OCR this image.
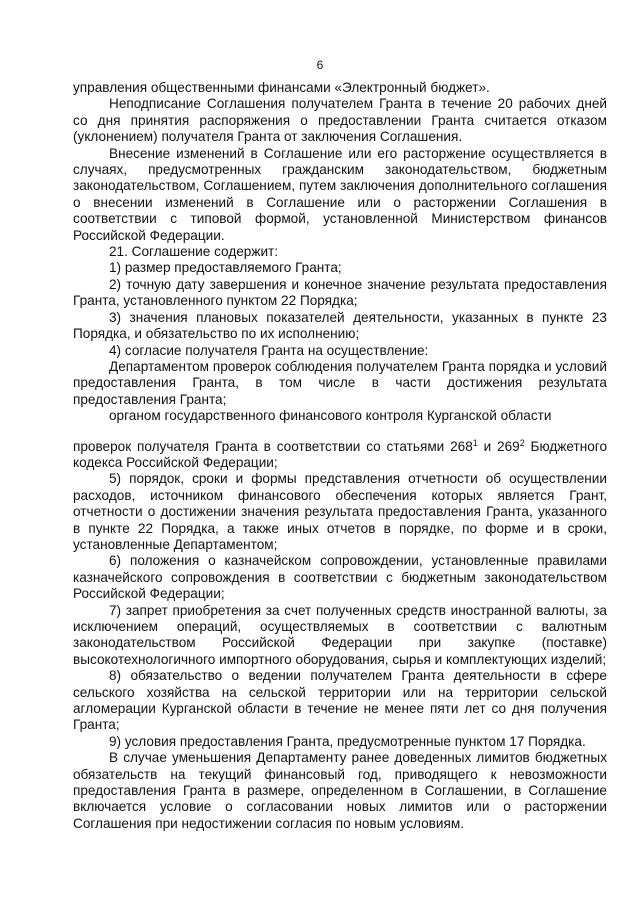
6

управления общественными финансами «Электронный бюджет».

Неподписание Соглашения получателем Гранта в течение 20 рабочих дней со дня принятия распоряжения о предоставлении Гранта считается отказом (уклонением) получателя Гранта от заключения Соглашения.

Внесение изменений в Соглашение или его расторжение осуществляется в случаях, предусмотренных гражданским законодательством, бюджетным законодательством, Соглашением, путем заключения дополнительного соглашения о внесении изменений в Соглашение или о расторжении Соглашения в соответствии с типовой формой, установленной Министерством финансов Российской Федерации.

21. Соглашение содержит:

1) размер предоставляемого Гранта;

2) точную дату завершения и конечное значение результата предоставления Гранта, установленного пунктом 22 Порядка;

3) значения плановых показателей деятельности, указанных в пункте 23 Порядка, и обязательство по их исполнению;

4) согласие получателя Гранта на осуществление:

Департаментом проверок соблюдения получателем Гранта порядка и условий предоставления Гранта, в том числе в части достижения результата предоставления Гранта;

органом государственного финансового контроля Курганской области

проверок получателя Гранта в соответствии со статьями $268^1$ и $269^2$ Бюджетного кодекса Российской Федерации;

5) порядок, сроки и формы представления отчетности об осуществлении расходов, источником финансового обеспечения которых является Грант, отчетности о достижении значения результата предоставления Гранта, указанного в пункте 22 Порядка, а также иных отчетов в порядке, по форме и в сроки, установленные Департаментом;

6) положения о казначейском сопровождении, установленные правилами казначейского сопровождения в соответствии с бюджетным законодательством Российской Федерации;

7) запрет приобретения за счет полученных средств иностранной валюты, за исключением операций, осуществляемых в соответствии с валютным законодательством Российской Федерации при закупке (поставке) высокотехнологичного импортного оборудования, сырья и комплектующих изделий;

8) обязательство о ведении получателем Гранта деятельности в сфере сельского хозяйства на сельской территории или на территории сельской агломерации Курганской области в течение не менее пяти лет со дня получения Гранта;

9) условия предоставления Гранта, предусмотренные пунктом 17 Порядка.

В случае уменьшения Департаменту ранее доведенных лимитов бюджетных обязательств на текущий финансовый год, приводящего к невозможности предоставления Гранта в размере, определенном в Соглашении, в Соглашение включается условие о согласовании новых лимитов или о расторжении Соглашения при недостижении согласия по новым условиям.
